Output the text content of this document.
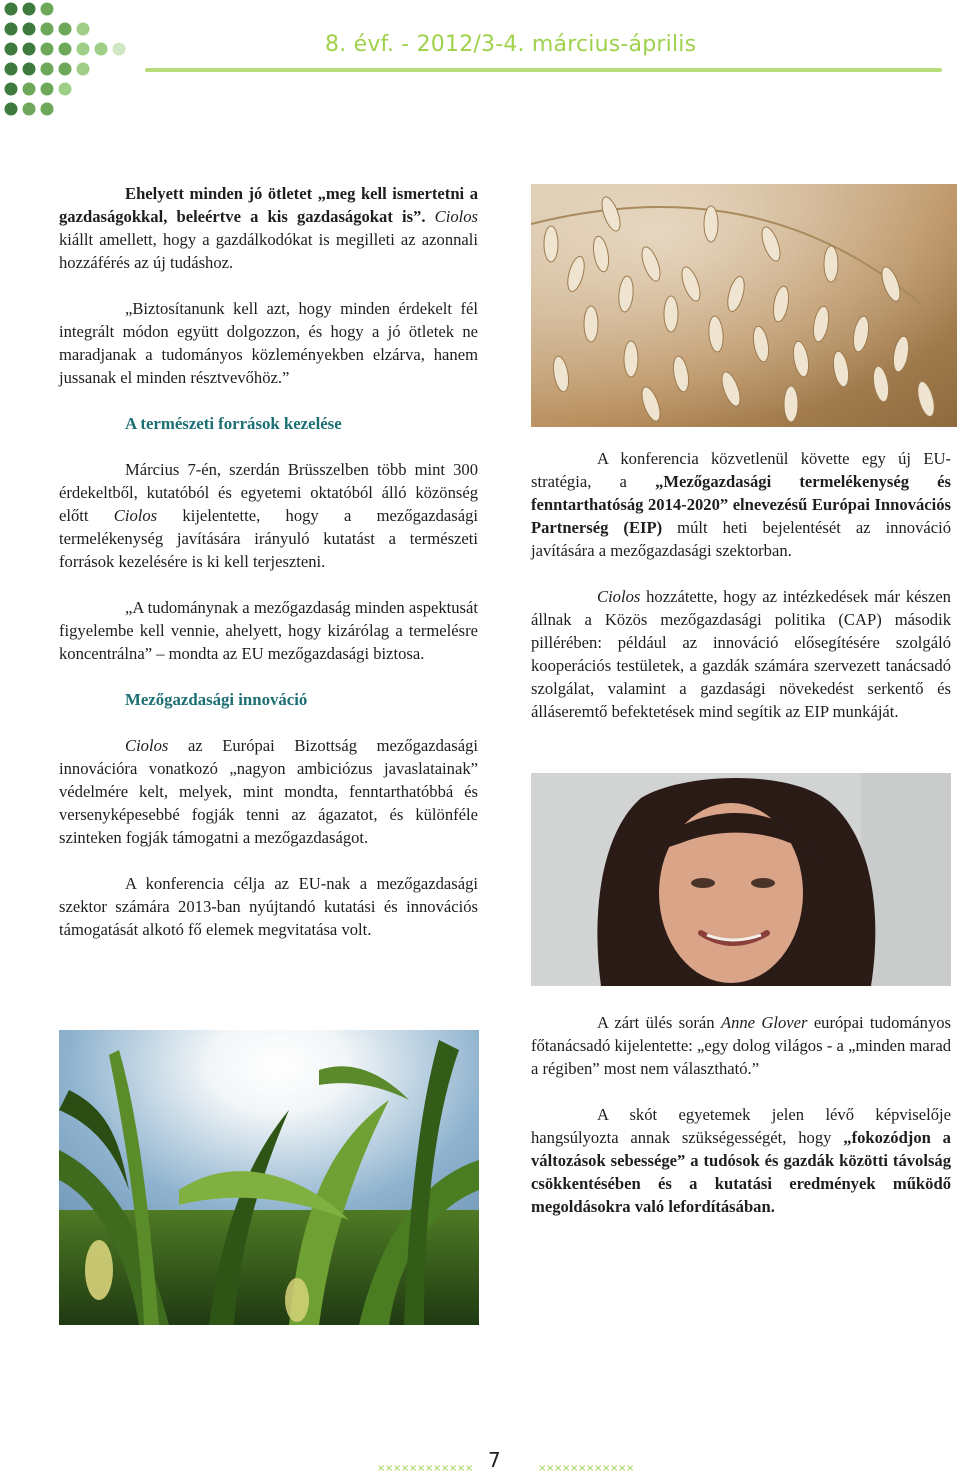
8. évf. - 2012/3-4. március-április

Ehelyett minden jó ötletet „meg kell ismertetni a gazdaságokkal, beleértve a kis gazdaságokat is”. Ciolos kiállt amellett, hogy a gazdálkodókat is megilleti az azonnali hozzáférés az új tudáshoz.

„Biztosítanunk kell azt, hogy minden érdekelt fél integrált módon együtt dolgozzon, és hogy a jó ötletek ne maradjanak a tudományos közleményekben elzárva, hanem jussanak el minden résztvevőhöz.”

A természeti források kezelése

Március 7-én, szerdán Brüsszelben több mint 300 érdekeltből, kutatóból és egyetemi oktatóból álló közönség előtt Ciolos kijelentette, hogy a mezőgazdasági termelékenység javítására irányuló kutatást a természeti források kezelésére is ki kell terjeszteni.

„A tudománynak a mezőgazdaság minden aspektusát figyelembe kell vennie, ahelyett, hogy kizárólag a termelésre koncentrálna” – mondta az EU mezőgazdasági biztosa.

Mezőgazdasági innováció

Ciolos az Európai Bizottság mezőgazdasági innovációra vonatkozó „nagyon ambiciózus javaslatainak” védelmére kelt, melyek, mint mondta, fenntarthatóbbá és versenyképesebbé fogják tenni az ágazatot, és különféle szinteken fogják támogatni a mezőgazdaságot.

A konferencia célja az EU-nak a mezőgazdasági szektor számára 2013-ban nyújtandó kutatási és innovációs támogatását alkotó fő elemek megvitatása volt.

A konferencia közvetlenül követte egy új EU-stratégia, a „Mezőgazdasági termelékenység és fenntarthatóság 2014-2020” elnevezésű Európai Innovációs Partnerség (EIP) múlt heti bejelentését az innováció javítására a mezőgazdasági szektorban.

Ciolos hozzátette, hogy az intézkedések már készen állnak a Közös mezőgazdasági politika (CAP) második pillérében: például az innováció elősegítésére szolgáló kooperációs testületek, a gazdák számára szervezett tanácsadó szolgálat, valamint a gazdasági növekedést serkentő és álláseremtő befektetések mind segítik az EIP munkáját.

A zárt ülés során Anne Glover európai tudományos főtanácsadó kijelentette: „egy dolog világos - a „minden marad a régiben” most nem választható.”

A skót egyetemek jelen lévő képviselője hangsúlyozta annak szükségességét, hogy „fokozódjon a változások sebessége” a tudósok és gazdák közötti távolság csökkentésében és a kutatási eredmények működő megoldásokra való lefordításában.

× × × × × × × × × × × × 7	× × × × × × × × × × × ×
